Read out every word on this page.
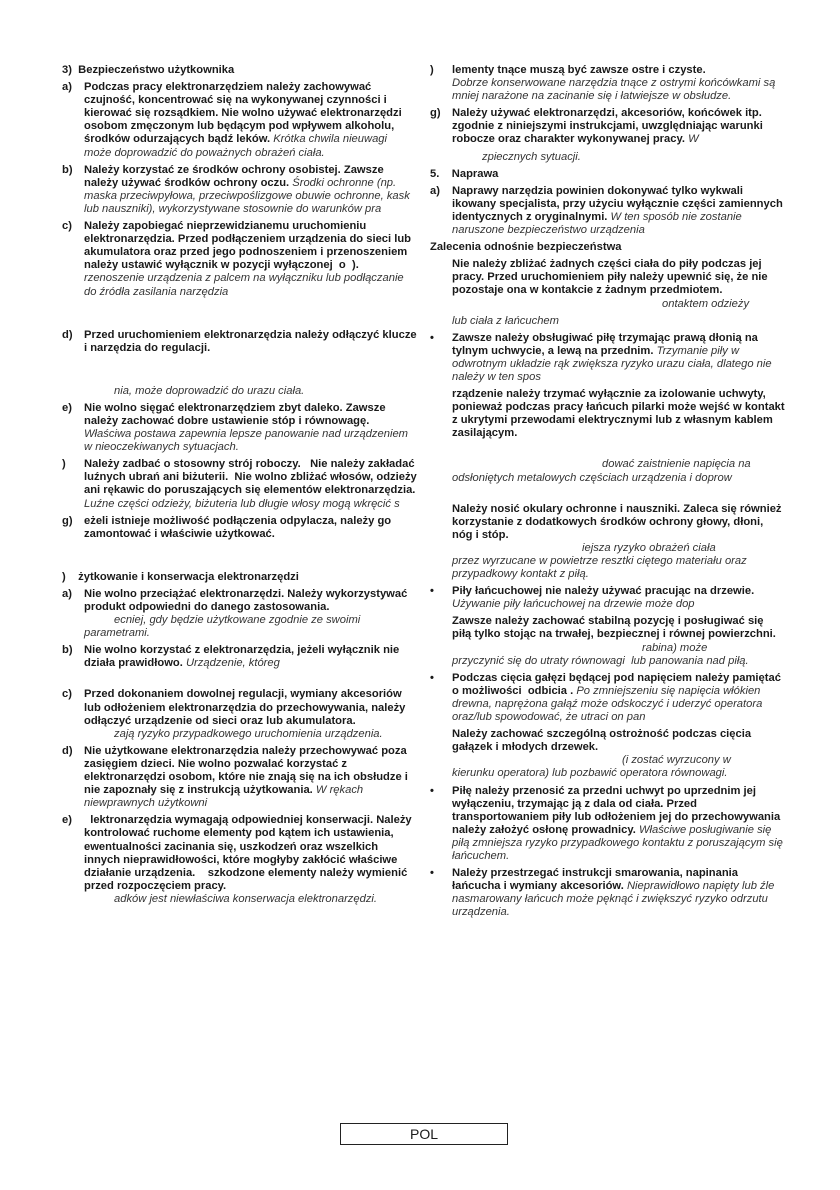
3)  Bezpieczeństwo użytkownika
a) Podczas pracy elektronarzędziem należy zachowywać czujność, koncentrować się na wykonywanej czynności i kierować się rozsądkiem. Nie wolno używać elektronarzędzi osobom zmęczonym lub będącym pod wpływem alkoholu, środków odurzających bądź leków. Krótka chwila nieuwagi może doprowadzić do poważnych obrażeń ciała.
b) Należy korzystać ze środków ochrony osobistej. Zawsze należy używać środków ochrony oczu. Środki ochronne (np. maska przeciwpyłowa, przeciwpoślizgowe obuwie ochronne, kask lub nauszniki), wykorzystywane stosownie do warunków pra
c) Należy zapobiegać nieprzewidzianemu uruchomieniu elektronarzędzia. Przed podłączeniem urządzenia do sieci lub akumulatora oraz przed jego podnoszeniem i przenoszeniem należy ustawić wyłącznik w pozycji wyłączonej  o  ). rzenoszenie urządzenia z palcem na wyłączniku lub podłączanie do źródła zasilania narzędzia
d) Przed uruchomieniem elektronarzędzia należy odłączyć klucze i narzędzia do regulacji.
nia, może doprowadzić do urazu ciała.
e) Nie wolno sięgać elektronarzędziem zbyt daleko. Zawsze należy zachować dobre ustawienie stóp i równowagę. Właściwa postawa zapewnia lepsze panowanie nad urządzeniem w nieoczekiwanych sytuacjach.
) Należy zadbać o stosowny strój roboczy.   Nie należy zakładać luźnych ubrań ani biżuterii.  Nie wolno zbliżać włosów, odzieży ani rękawic do poruszających się elementów elektronarzędzia. Luźne części odzieży, biżuteria lub długie włosy mogą wkręcić s
g) eżeli istnieje możliwość podłączenia odpylacza, należy go zamontować i właściwie użytkować.
)    żytkowanie i konserwacja elektronarzędzi
a) Nie wolno przeciążać elektronarzędzi. Należy wykorzystywać produkt odpowiedni do danego zastosowania.
ecniej, gdy będzie użytkowane zgodnie ze swoimi parametrami.
b) Nie wolno korzystać z elektronarzędzia, jeżeli wyłącznik nie działa prawidłowo. Urządzenie, któreg
c) Przed dokonaniem dowolnej regulacji, wymiany akcesoriów lub odłożeniem elektronarzędzia do przechowywania, należy odłączyć urządzenie od sieci oraz lub akumulatora.
zają ryzyko przypadkowego uruchomienia urządzenia.
d) Nie użytkowane elektronarzędzia należy przechowywać poza zasięgiem dzieci. Nie wolno pozwalać korzystać z elektronarzędzi osobom, które nie znają się na ich obsłudze i nie zapoznały się z instrukcją użytkowania. W rękach niewprawnych użytkowni
e) lektronarzędzia wymagają odpowiedniej konserwacji. Należy kontrolować ruchome elementy pod kątem ich ustawienia, ewentualności zacinania się, uszkodzeń oraz wszelkich innych nieprawidłowości, które mogłyby zakłócić właściwe działanie urządzenia.    szkodzone elementy należy wymienić przed rozpoczęciem pracy.
adków jest niewłaściwa konserwacja elektronarzędzi.
) lementy tnące muszą być zawsze ostre i czyste.
Dobrze konserwowane narzędzia tnące z ostrymi końcówkami są mniej narażone na zacinanie się i łatwiejsze w obsłudze.
g) Należy używać elektronarzędzi, akcesoriów, końcówek itp. zgodnie z niniejszymi instrukcjami, uwzględniając warunki robocze oraz charakter wykonywanej pracy. W
zpiecznych sytuacji.
5.    Naprawa
a) Naprawy narzędzia powinien dokonywać tylko wykwali ikowany specjalista, przy użyciu wyłącznie części zamiennych identycznych z oryginalnymi. W ten sposób nie zostanie naruszone bezpieczeństwo urządzenia
Zalecenia odnośnie bezpieczeństwa
Nie należy zbliżać żadnych części ciała do piły podczas jej pracy. Przed uruchomieniem piły należy upewnić się, że nie pozostaje ona w kontakcie z żadnym przedmiotem.
ontaktem odzieży
lub ciała z łańcuchem
• Zawsze należy obsługiwać piłę trzymając prawą dłonią na tylnym uchwycie, a lewą na przednim. Trzymanie piły w odwrotnym układzie rąk zwiększa ryzyko urazu ciała, dlatego nie należy w ten spos
rządzenie należy trzymać wyłącznie za izolowanie uchwyty, ponieważ podczas pracy łańcuch pilarki może wejść w kontakt z ukrytymi przewodami elektrycznymi lub z własnym kablem zasilającym.
dować zaistnienie napięcia na
odsłoniętych metalowych częściach urządzenia i doprow
Należy nosić okulary ochronne i nauszniki. Zaleca się również korzystanie z dodatkowych środków ochrony głowy, dłoni, nóg i stóp.
iejsza ryzyko obrażeń ciała
przez wyrzucane w powietrze resztki ciętego materiału oraz przypadkowy kontakt z piłą.
• Piły łańcuchowej nie należy używać pracując na drzewie. Używanie piły łańcuchowej na drzewie może dop
Zawsze należy zachować stabilną pozycję i posługiwać się piłą tylko stojąc na trwałej, bezpiecznej i równej powierzchni.
rabina) może
przyczynić się do utraty równowagi  lub panowania nad piłą.
• Podczas cięcia gałęzi będącej pod napięciem należy pamiętać o możliwości  odbicia . Po zmniejszeniu się napięcia włókien drewna, naprężona gałąź może odskoczyć i uderzyć operatora oraz/lub spowodować, że utraci on pan
Należy zachować szczególną ostrożność podczas cięcia gałązek i młodych drzewek.
(i zostać wyrzucony w
kierunku operatora) lub pozbawić operatora równowagi.
• Piłę należy przenosić za przedni uchwyt po uprzednim jej wyłączeniu, trzymając ją z dala od ciała. Przed transportowaniem piły lub odłożeniem jej do przechowywania należy założyć osłonę prowadnicy. Właściwe posługiwanie się piłą zmniejsza ryzyko przypadkowego kontaktu z poruszającym się łańcuchem.
• Należy przestrzegać instrukcji smarowania, napinania łańcucha i wymiany akcesoriów. Nieprawidłowo napięty lub źle nasmarowany łańcuch może pęknąć i zwiększyć ryzyko odrzutu urządzenia.
POL
